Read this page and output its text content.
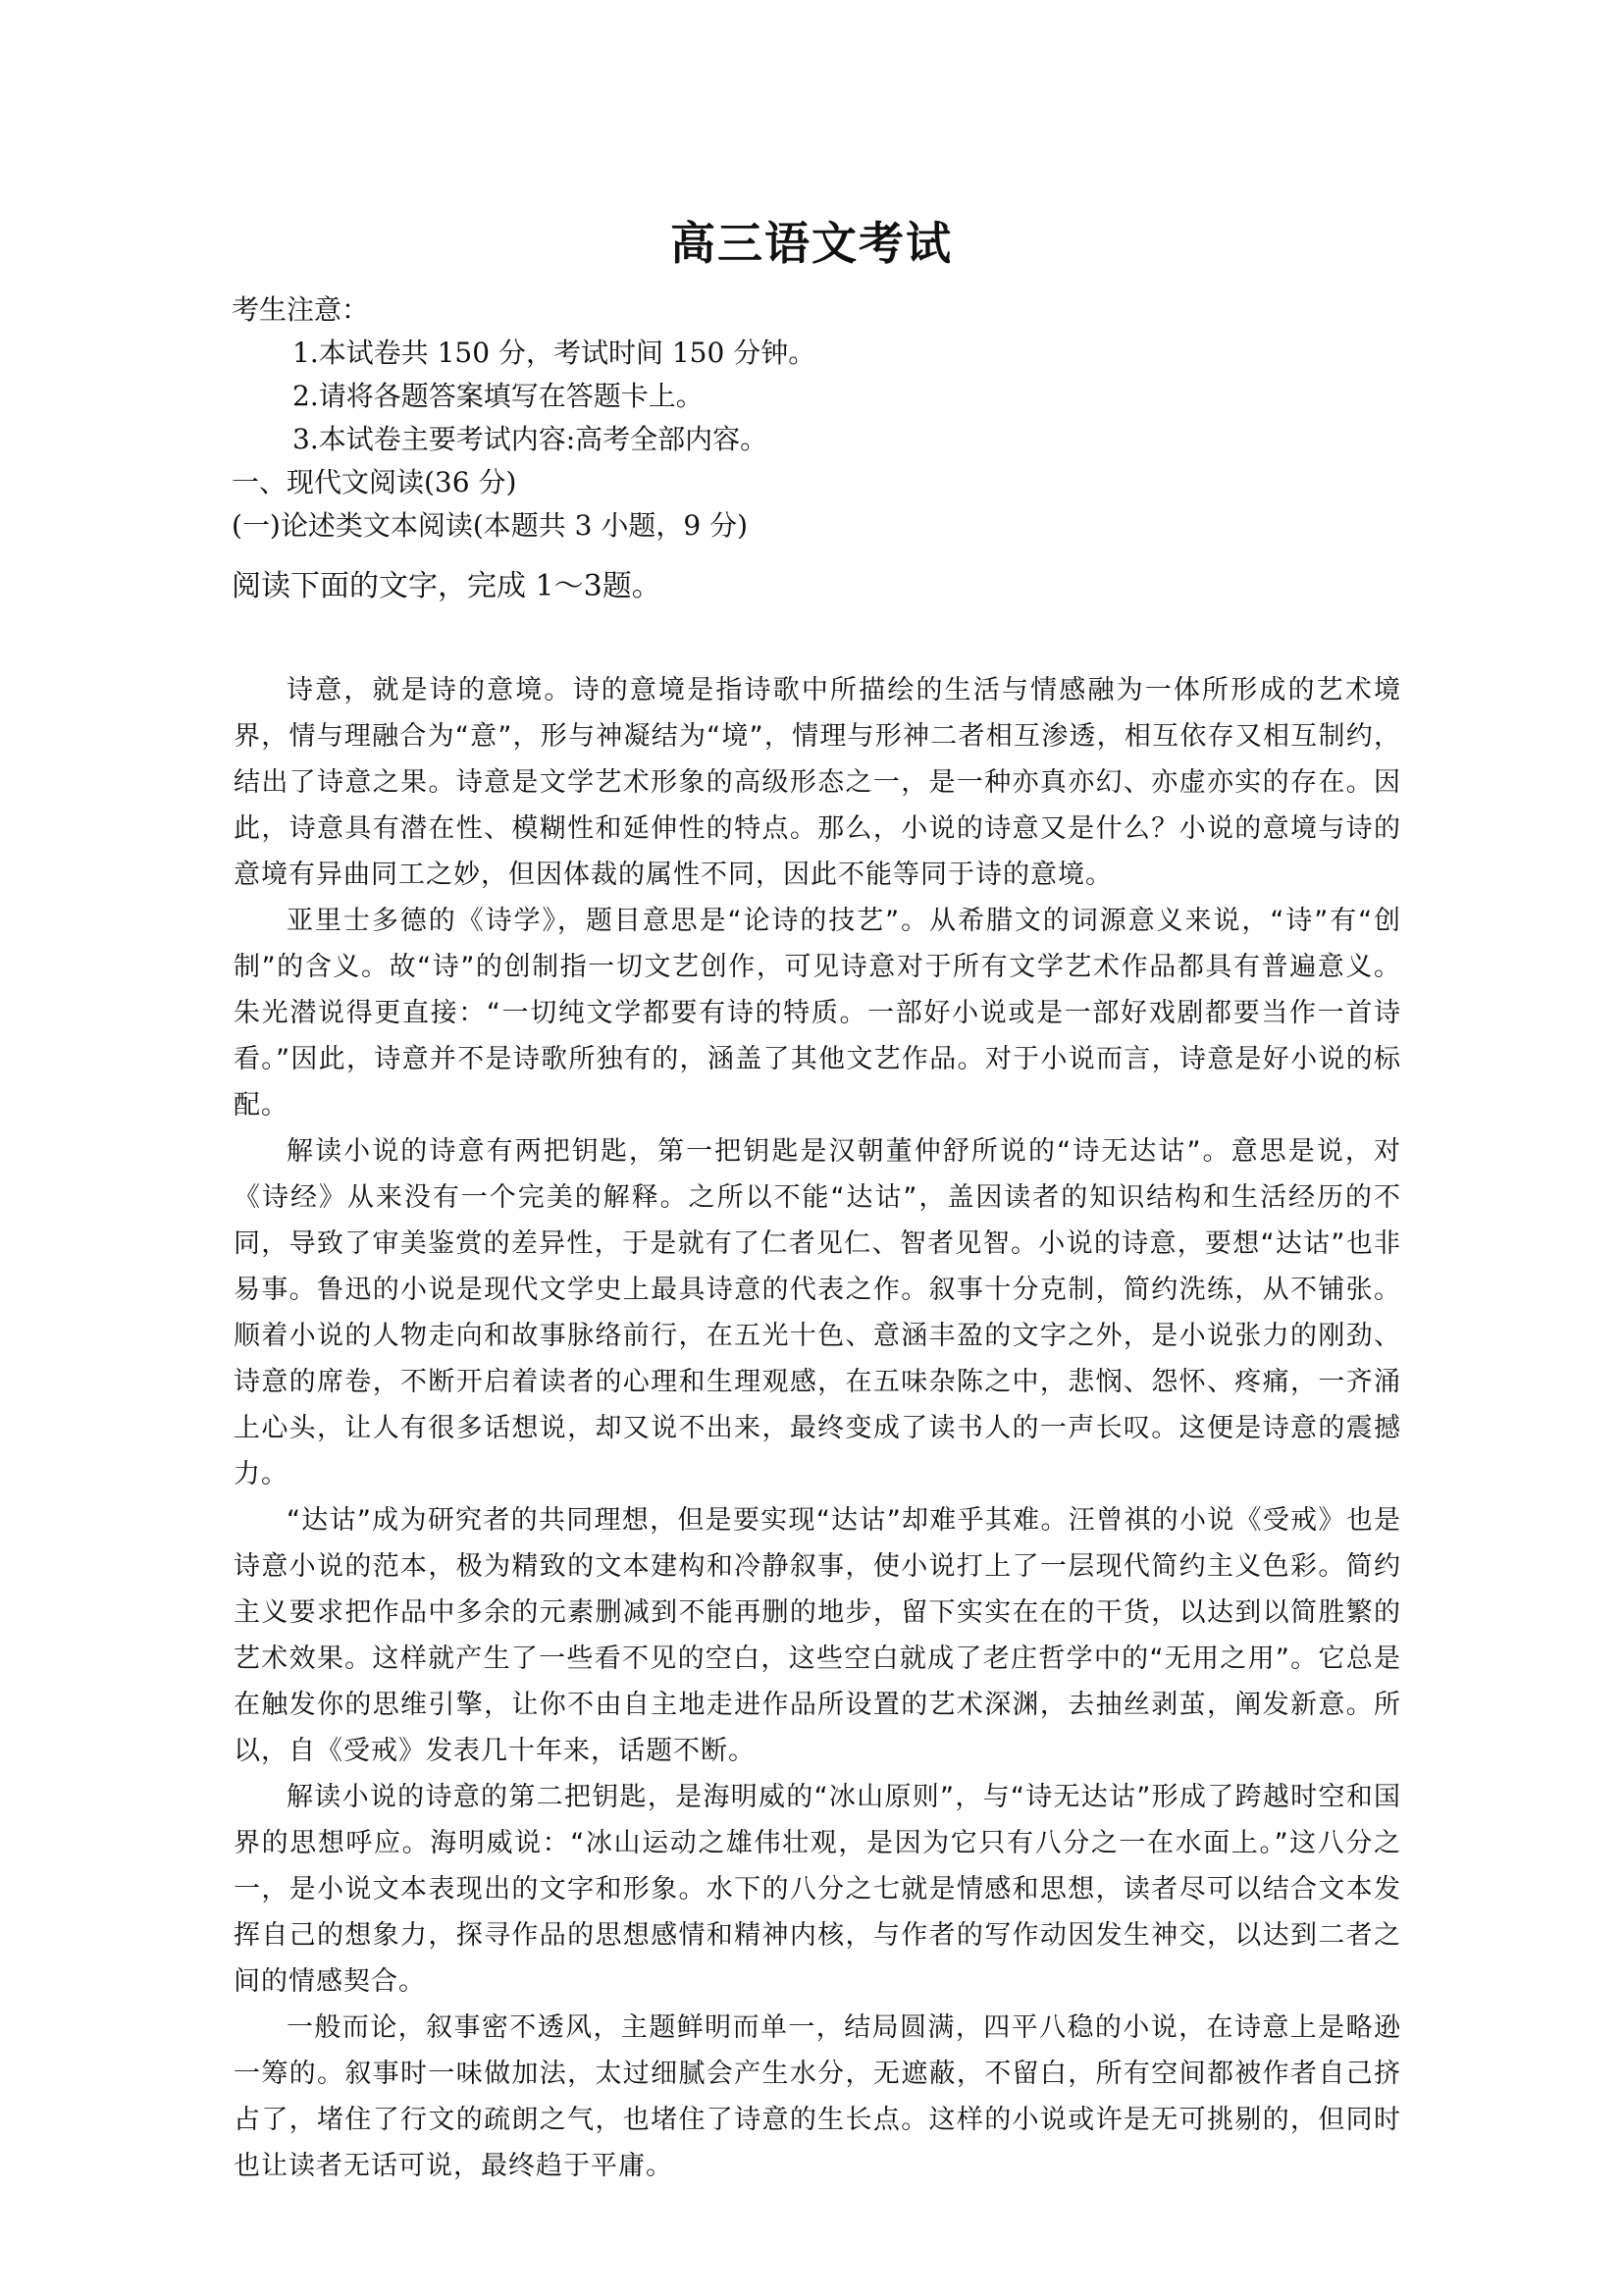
高三语文考试

考生注意：

1.本试卷共 150 分，考试时间 150 分钟。

2.请将各题答案填写在答题卡上。

3.本试卷主要考试内容:高考全部内容。

一、现代文阅读(36 分)

(一)论述类文本阅读(本题共 3 小题，9 分)

阅读下面的文字，完成 1～3题。

诗意，就是诗的意境。诗的意境是指诗歌中所描绘的生活与情感融为一体所形成的艺术境界，情与理融合为“意”，形与神凝结为“境”，情理与形神二者相互渗透，相互依存又相互制约，结出了诗意之果。诗意是文学艺术形象的高级形态之一，是一种亦真亦幻、亦虚亦实的存在。因此，诗意具有潜在性、模糊性和延伸性的特点。那么，小说的诗意又是什么？小说的意境与诗的意境有异曲同工之妙，但因体裁的属性不同，因此不能等同于诗的意境。

亚里士多德的《诗学》，题目意思是“论诗的技艺”。从希腊文的词源意义来说，“诗”有“创制”的含义。故“诗”的创制指一切文艺创作，可见诗意对于所有文学艺术作品都具有普遍意义。朱光潜说得更直接：“一切纯文学都要有诗的特质。一部好小说或是一部好戏剧都要当作一首诗看。”因此，诗意并不是诗歌所独有的，涵盖了其他文艺作品。对于小说而言，诗意是好小说的标配。

解读小说的诗意有两把钥匙，第一把钥匙是汉朝董仲舒所说的“诗无达诂”。意思是说，对《诗经》从来没有一个完美的解释。之所以不能“达诂”，盖因读者的知识结构和生活经历的不同，导致了审美鉴赏的差异性，于是就有了仁者见仁、智者见智。小说的诗意，要想“达诂”也非易事。鲁迅的小说是现代文学史上最具诗意的代表之作。叙事十分克制，简约洗练，从不铺张。顺着小说的人物走向和故事脉络前行，在五光十色、意涵丰盈的文字之外，是小说张力的刚劲、诗意的席卷，不断开启着读者的心理和生理观感，在五味杂陈之中，悲悯、怨怀、疼痛，一齐涌上心头，让人有很多话想说，却又说不出来，最终变成了读书人的一声长叹。这便是诗意的震撼力。

“达诂”成为研究者的共同理想，但是要实现“达诂”却难乎其难。汪曾祺的小说《受戒》也是诗意小说的范本，极为精致的文本建构和冷静叙事，使小说打上了一层现代简约主义色彩。简约主义要求把作品中多余的元素删减到不能再删的地步，留下实实在在的干货，以达到以简胜繁的艺术效果。这样就产生了一些看不见的空白，这些空白就成了老庄哲学中的“无用之用”。它总是在触发你的思维引擎，让你不由自主地走进作品所设置的艺术深渊，去抽丝剥茧，阐发新意。所以，自《受戒》发表几十年来，话题不断。

解读小说的诗意的第二把钥匙，是海明威的“冰山原则”，与“诗无达诂”形成了跨越时空和国界的思想呼应。海明威说：“冰山运动之雄伟壮观，是因为它只有八分之一在水面上。”这八分之一，是小说文本表现出的文字和形象。水下的八分之七就是情感和思想，读者尽可以结合文本发挥自己的想象力，探寻作品的思想感情和精神内核，与作者的写作动因发生神交，以达到二者之间的情感契合。

一般而论，叙事密不透风，主题鲜明而单一，结局圆满，四平八稳的小说，在诗意上是略逊一筹的。叙事时一味做加法，太过细腻会产生水分，无遮蔽，不留白，所有空间都被作者自己挤占了，堵住了行文的疏朗之气，也堵住了诗意的生长点。这样的小说或许是无可挑剔的，但同时也让读者无话可说，最终趋于平庸。
